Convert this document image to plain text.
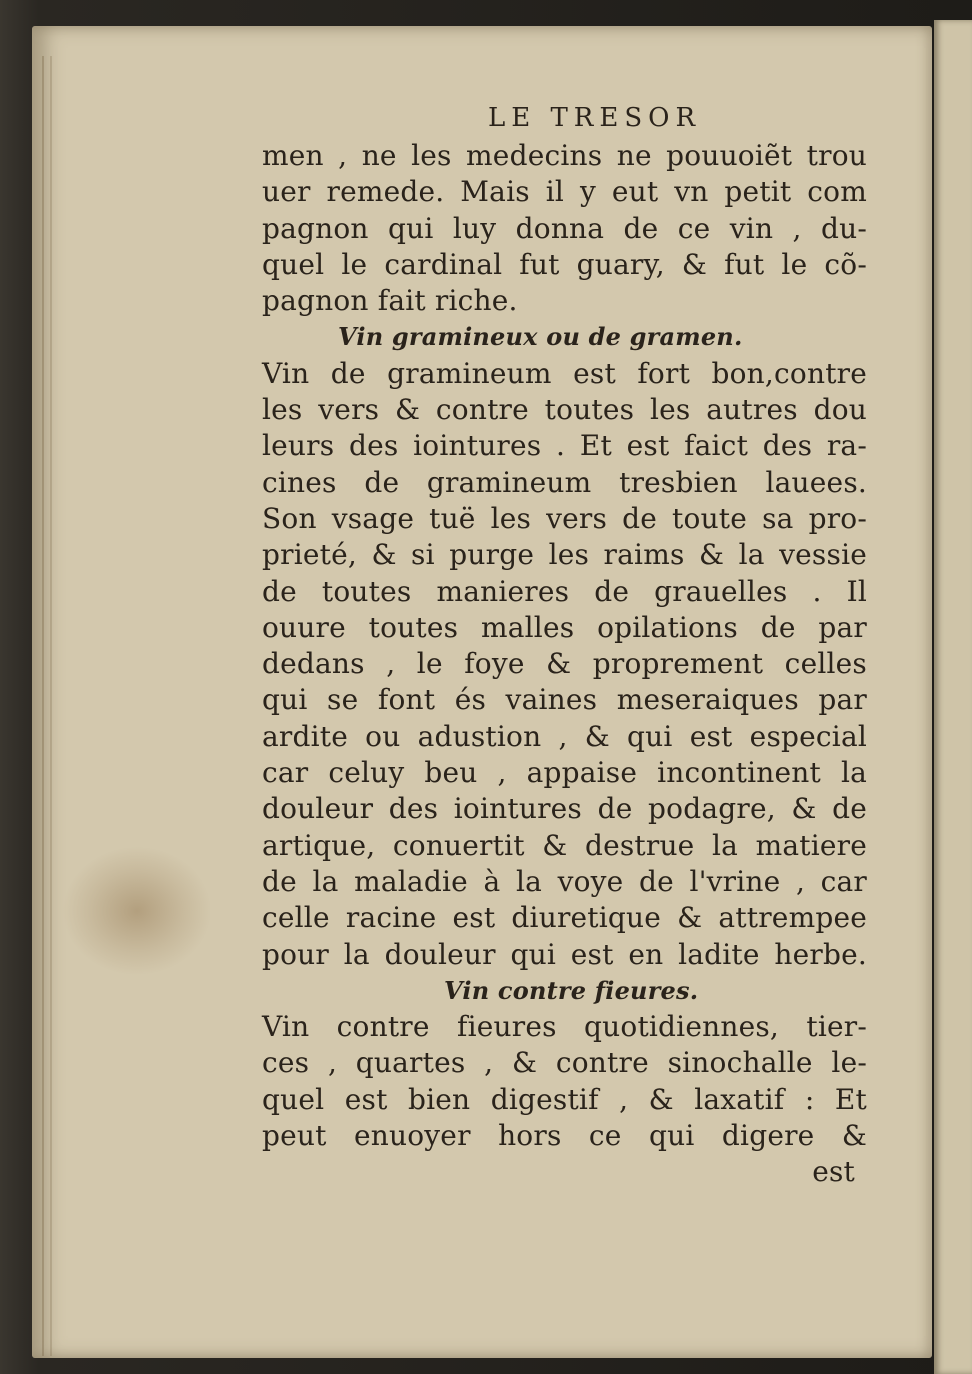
LE TRESOR
men , ne les medecins ne pouuoiẽt trou
uer remede. Mais il y eut vn petit com
pagnon qui luy donna de ce vin , du-
quel le cardinal fut guary, & fut le cõ-
pagnon fait riche.
Vin gramineux ou de gramen.
Vin de gramineum est fort bon,contre
les vers & contre toutes les autres dou
leurs des iointures . Et est faict des ra-
cines de gramineum tresbien lauees.
Son vsage tuë les vers de toute sa pro-
prieté, & si purge les raims & la vessie
de toutes manieres de grauelles . Il
ouure toutes malles opilations de par
dedans , le foye & proprement celles
qui se font és vaines meseraiques par
ardite ou adustion , & qui est especial
car celuy beu , appaise incontinent la
douleur des iointures de podagre, & de
artique, conuertit & destrue la matiere
de la maladie à la voye de l'vrine , car
celle racine est diuretique & attrempee
pour la douleur qui est en ladite herbe.
Vin contre fieures.
Vin contre fieures quotidiennes, tier-
ces , quartes , & contre sinochalle le-
quel est bien digestif , & laxatif : Et
peut enuoyer hors ce qui digere &
est
